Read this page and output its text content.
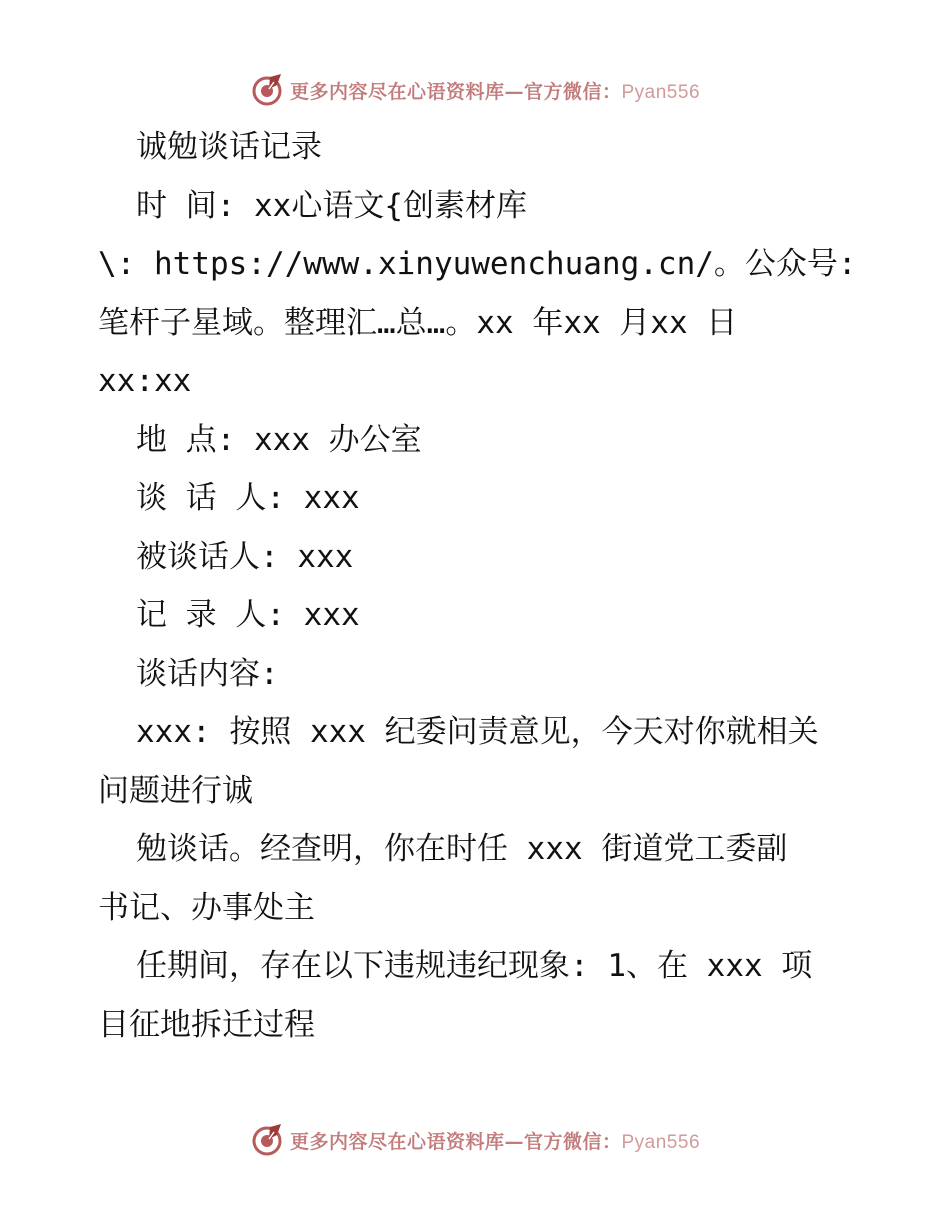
更多内容尽在心语资料库—官方微信：Pyan556
诚勉谈话记录
时 间: xx心语文{创素材库
\: https://www.xinyuwenchuang.cn/。公众号:
笔杆子星域。整理汇…总…。xx 年xx 月xx 日
xx:xx
地 点: xxx 办公室
谈 话 人: xxx
被谈话人: xxx
记 录 人: xxx
谈话内容:
xxx: 按照 xxx 纪委问责意见，今天对你就相关
问题进行诚
勉谈话。经查明，你在时任 xxx 街道党工委副
书记、办事处主
任期间，存在以下违规违纪现象: 1、在 xxx 项
目征地拆迁过程
更多内容尽在心语资料库—官方微信：Pyan556
